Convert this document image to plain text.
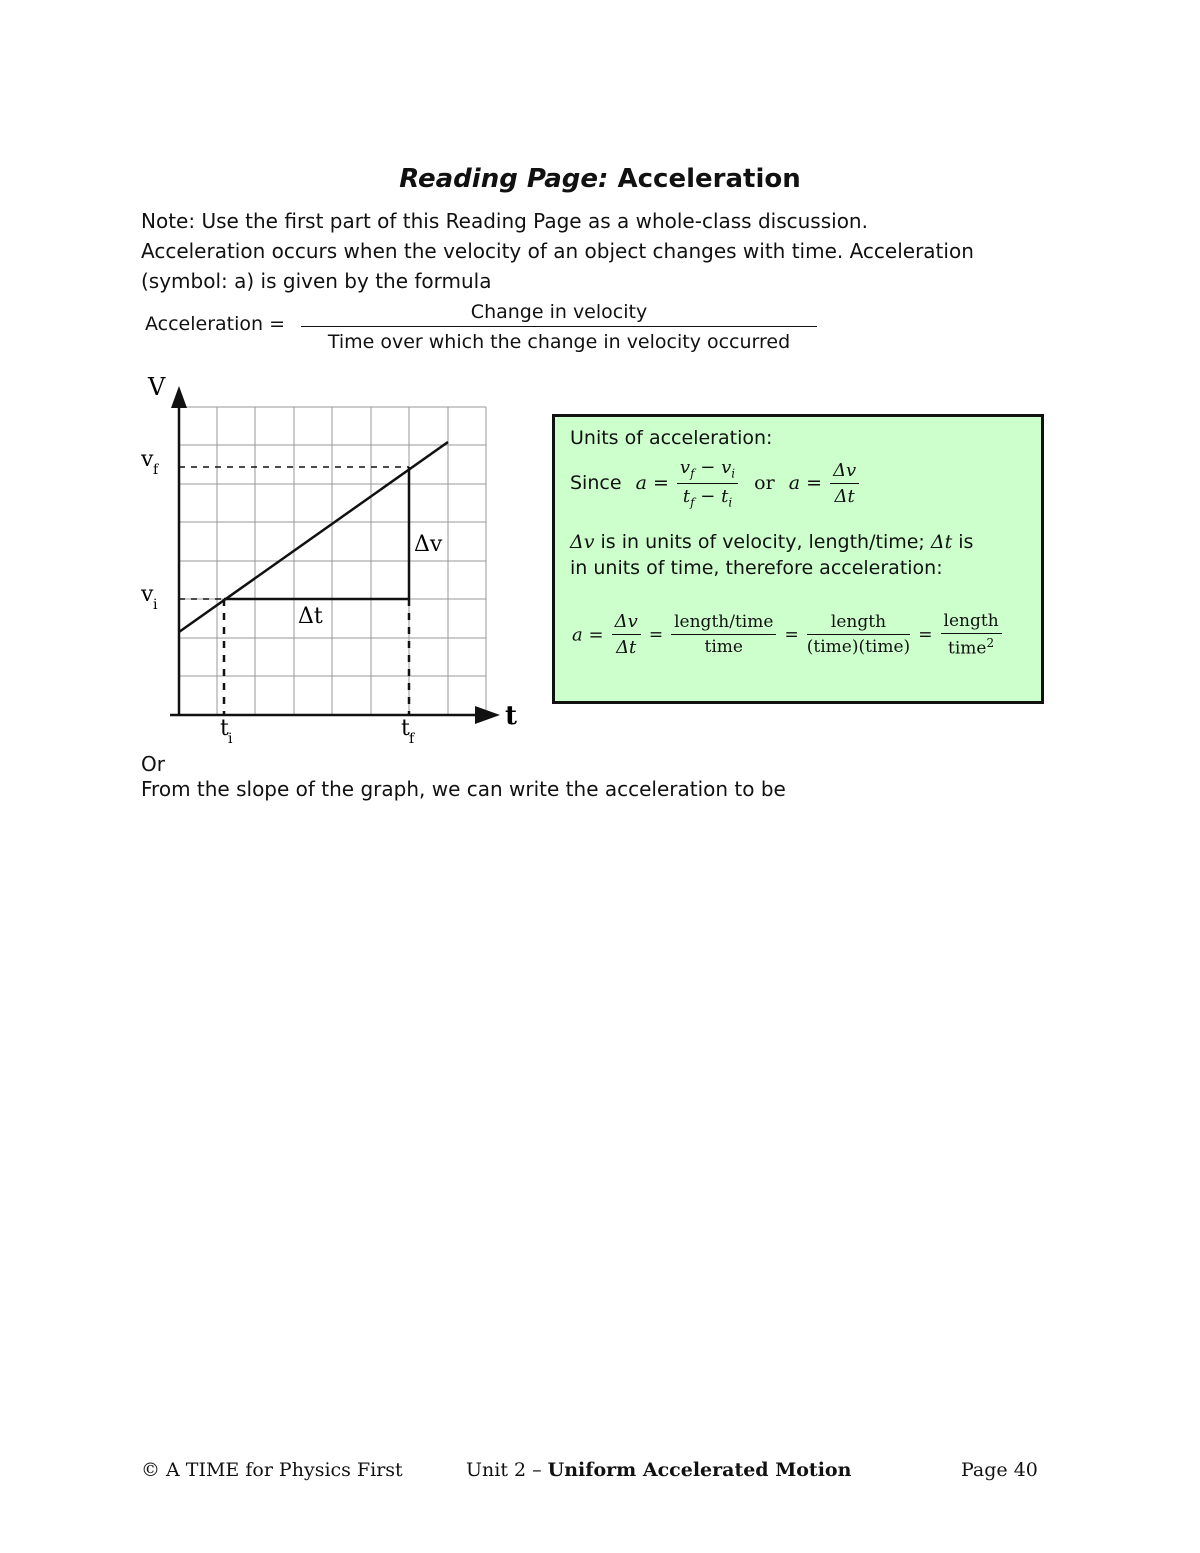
Reading Page: Acceleration
Note: Use the first part of this Reading Page as a whole-class discussion.
Acceleration occurs when the velocity of an object changes with time. Acceleration
(symbol: a) is given by the formula
Acceleration =
Change in velocity
Time over which the change in velocity occurred
V
t
v f
v i
t i	t f
Δv
Δt
Units of acceleration:
Since $a = \frac{v_f - v_i}{t_f - t_i}$ or $a = \frac{\Delta v}{\Delta t}$
Δv is in units of velocity, length/time; Δt is
in units of time, therefore acceleration:
$a = \frac{\Delta v}{\Delta t}$ =
length/time
time
=
length
(time)(time)
=
length
time$^2$
Or
From the slope of the graph, we can write the acceleration to be
© A TIME for Physics First	Unit 2 – Uniform Accelerated Motion	Page 40
